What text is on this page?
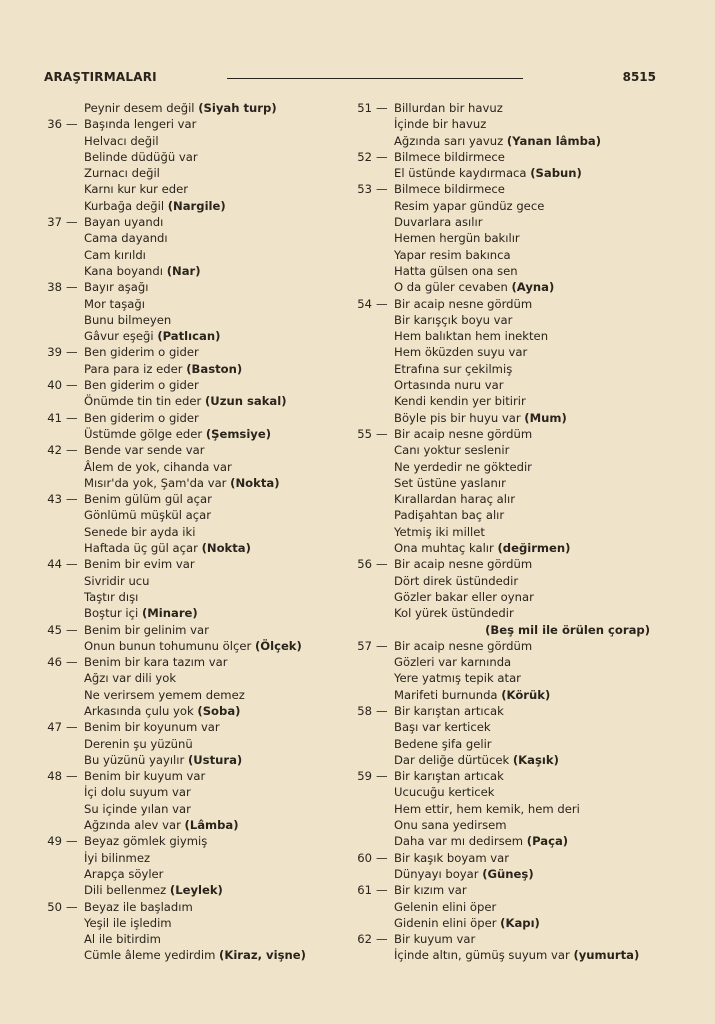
ARAŞTIRMALARI	8515
Peynir desem değil (Siyah turp)
36 — Başında lengeri var
Helvacı değil
Belinde düdüğü var
Zurnacı değil
Karnı kur kur eder
Kurbağa değil (Nargile)
37 — Bayan uyandı
Cama dayandı
Cam kırıldı
Kana boyandı (Nar)
38 — Bayır aşağı
Mor taşağı
Bunu bilmeyen
Gâvur eşeği (Patlıcan)
39 — Ben giderim o gider
Para para iz eder (Baston)
40 — Ben giderim o gider
Önümde tin tin eder (Uzun sakal)
41 — Ben giderim o gider
Üstümde gölge eder (Şemsiye)
42 — Bende var sende var
Âlem de yok, cihanda var
Mısır'da yok, Şam'da var (Nokta)
43 — Benim gülüm gül açar
Gönlümü müşkül açar
Senede bir ayda iki
Haftada üç gül açar (Nokta)
44 — Benim bir evim var
Sivridir ucu
Taştır dışı
Boştur içi (Minare)
45 — Benim bir gelinim var
Onun bunun tohumunu ölçer (Ölçek)
46 — Benim bir kara tazım var
Ağzı var dili yok
Ne verirsem yemem demez
Arkasında çulu yok (Soba)
47 — Benim bir koyunum var
Derenin şu yüzünü
Bu yüzünü yayılır (Ustura)
48 — Benim bir kuyum var
İçi dolu suyum var
Su içinde yılan var
Ağzında alev var (Lâmba)
49 — Beyaz gömlek giymiş
İyi bilinmez
Arapça söyler
Dili bellenmez (Leylek)
50 — Beyaz ile başladım
Yeşil ile işledim
Al ile bitirdim
Cümle âleme yedirdim (Kiraz, vişne)
51 — Billurdan bir havuz
İçinde bir havuz
Ağzında sarı yavuz (Yanan lâmba)
52 — Bilmece bildirmece
El üstünde kaydırmaca (Sabun)
53 — Bilmece bildirmece
Resim yapar gündüz gece
Duvarlara asılır
Hemen hergün bakılır
Yapar resim bakınca
Hatta gülsen ona sen
O da güler cevaben (Ayna)
54 — Bir acaip nesne gördüm
Bir karışçık boyu var
Hem balıktan hem inekten
Hem öküzden suyu var
Etrafına sur çekilmiş
Ortasında nuru var
Kendi kendin yer bitirir
Böyle pis bir huyu var (Mum)
55 — Bir acaip nesne gördüm
Canı yoktur seslenir
Ne yerdedir ne göktedir
Set üstüne yaslanır
Kırallardan haraç alır
Padişahtan baç alır
Yetmiş iki millet
Ona muhtaç kalır (değirmen)
56 — Bir acaip nesne gördüm
Dört direk üstündedir
Gözler bakar eller oynar
Kol yürek üstündedir
(Beş mil ile örülen çorap)
57 — Bir acaip nesne gördüm
Gözleri var karnında
Yere yatmış tepik atar
Marifeti burnunda (Körük)
58 — Bir karıştan artıcak
Başı var kerticek
Bedene şifa gelir
Dar deliğe dürtücek (Kaşık)
59 — Bir karıştan artıcak
Ucucuğu kerticek
Hem ettir, hem kemik, hem deri
Onu sana yedirsem
Daha var mı dedirsem (Paça)
60 — Bir kaşık boyam var
Dünyayı boyar (Güneş)
61 — Bir kızım var
Gelenin elini öper
Gidenin elini öper (Kapı)
62 — Bir kuyum var
İçinde altın, gümüş suyum var (yumurta)
